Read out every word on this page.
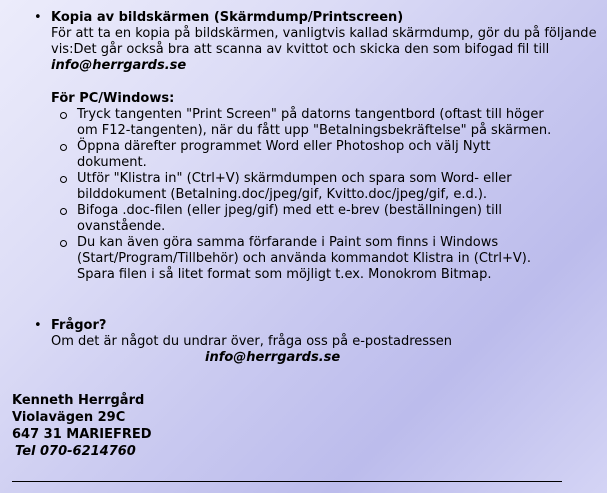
• Kopia av bildskärmen (Skärmdump/Printscreen)
För att ta en kopia på bildskärmen, vanligtvis kallad skärmdump, gör du på följande vis:Det går också bra att scanna av kvittot och skicka den som bifogad fil till info@herrgards.se
För PC/Windows:
Tryck tangenten "Print Screen" på datorns tangentbord (oftast till höger om F12-tangenten), när du fått upp "Betalningsbekräftelse" på skärmen.
Öppna därefter programmet Word eller Photoshop och välj Nytt dokument.
Utför "Klistra in" (Ctrl+V) skärmdumpen och spara som Word- eller bilddokument (Betalning.doc/jpeg/gif, Kvitto.doc/jpeg/gif, e.d.).
Bifoga .doc-filen (eller jpeg/gif) med ett e-brev (beställningen) till ovanstående.
Du kan även göra samma förfarande i Paint som finns i Windows (Start/Program/Tillbehör) och använda kommandot Klistra in (Ctrl+V). Spara filen i så litet format som möjligt t.ex. Monokrom Bitmap.
• Frågor?
Om det är något du undrar över, fråga oss på e-postadressen
info@herrgards.se
Kenneth Herrgård
Violavägen 29C
647 31 MARIEFRED
Tel 070-6214760
